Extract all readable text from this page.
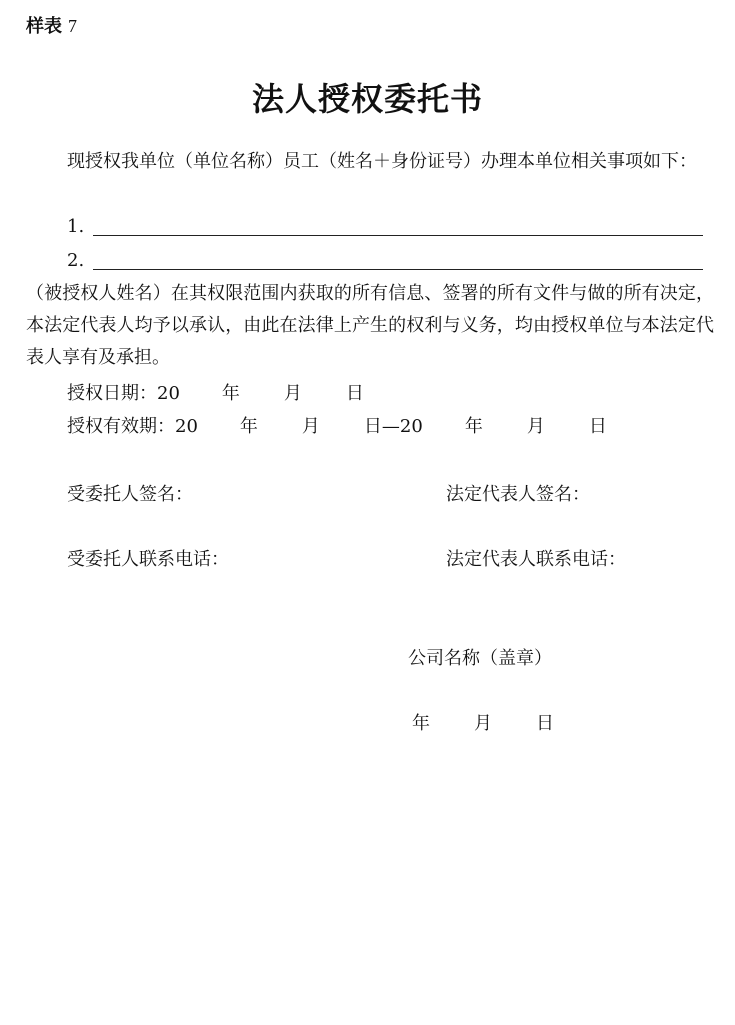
样表 7
法人授权委托书

现授权我单位（单位名称）员工（姓名＋身份证号）办理本单位相关事项如下：

1.
2.

（被授权人姓名）在其权限范围内获取的所有信息、签署的所有文件与做的所有决定，本法定代表人均予以承认，由此在法律上产生的权利与义务，均由授权单位与本法定代表人享有及承担。

授权日期：20 年 月 日
授权有效期：20 年 月 日—20 年 月 日
受委托人签名：	法定代表人签名：
受委托人联系电话：	法定代表人联系电话：
公司名称（盖章）
年 月 日
